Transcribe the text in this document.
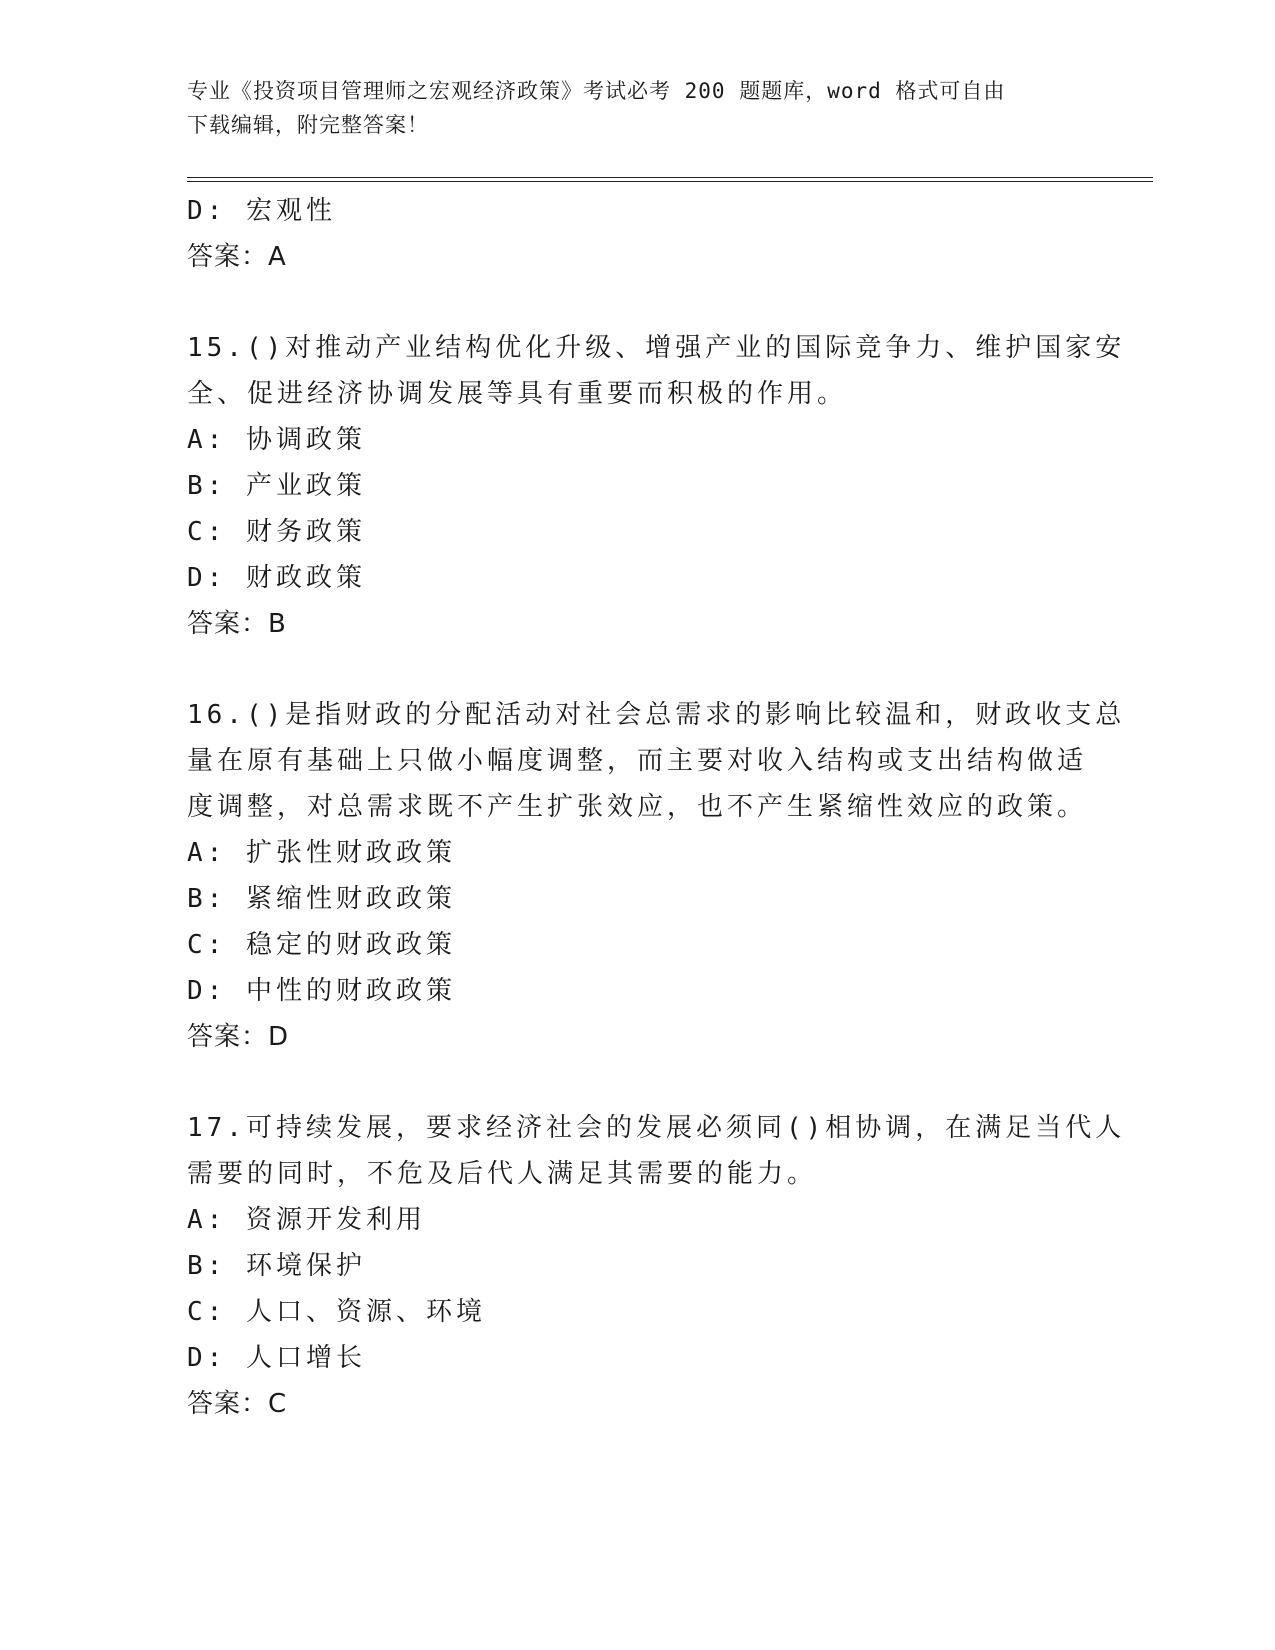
专业《投资项目管理师之宏观经济政策》考试必考 200 题题库，word 格式可自由
下载编辑，附完整答案！
D: 宏观性
答案：A
15.()对推动产业结构优化升级、增强产业的国际竞争力、维护国家安
全、促进经济协调发展等具有重要而积极的作用。
A: 协调政策
B: 产业政策
C: 财务政策
D: 财政政策
答案：B
16.()是指财政的分配活动对社会总需求的影响比较温和，财政收支总
量在原有基础上只做小幅度调整，而主要对收入结构或支出结构做适
度调整，对总需求既不产生扩张效应，也不产生紧缩性效应的政策。
A: 扩张性财政政策
B: 紧缩性财政政策
C: 稳定的财政政策
D: 中性的财政政策
答案：D
17.可持续发展，要求经济社会的发展必须同()相协调，在满足当代人
需要的同时，不危及后代人满足其需要的能力。
A: 资源开发利用
B: 环境保护
C: 人口、资源、环境
D: 人口增长
答案：C
